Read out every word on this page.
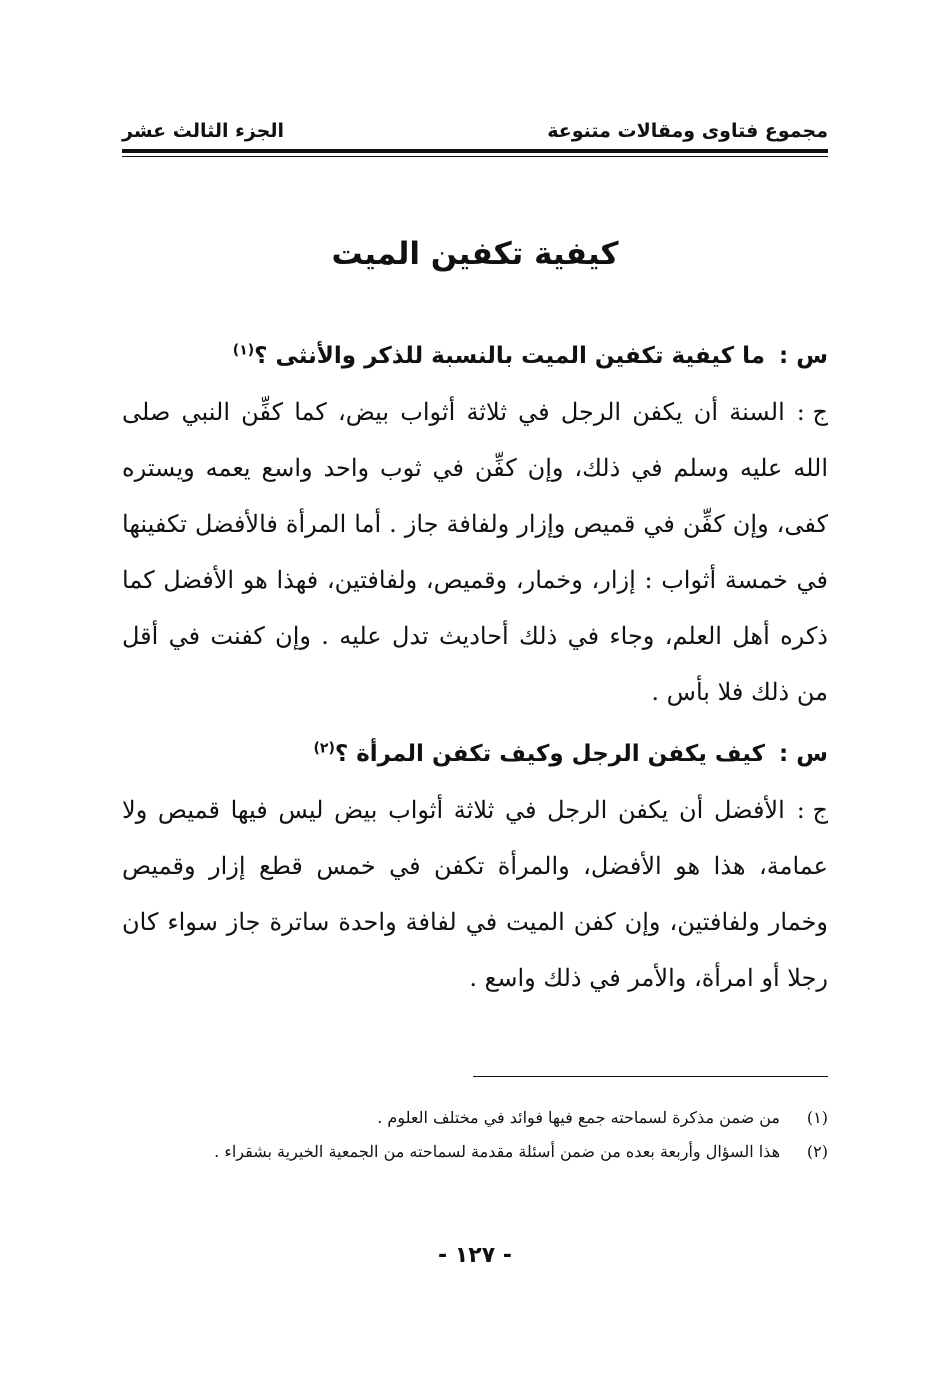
مجموع فتاوى ومقالات متنوعة
الجزء الثالث عشر
كيفية تكفين الميت

س :ما كيفية تكفين الميت بالنسبة للذكر والأنثى ؟$^{(١)}$

ج :السنة أن يكفن الرجل في ثلاثة أثواب بيض، كما كفِّن النبي صلى الله عليه وسلم في ذلك، وإن كفِّن في ثوب واحد واسع يعمه ويستره كفى، وإن كفِّن في قميص وإزار ولفافة جاز . أما المرأة فالأفضل تكفينها في خمسة أثواب : إزار، وخمار، وقميص، ولفافتين، فهذا هو الأفضل كما ذكره أهل العلم، وجاء في ذلك أحاديث تدل عليه . وإن كفنت في أقل من ذلك فلا بأس .

س :كيف يكفن الرجل وكيف تكفن المرأة ؟$^{(٢)}$

ج :الأفضل أن يكفن الرجل في ثلاثة أثواب بيض ليس فيها قميص ولا عمامة، هذا هو الأفضل، والمرأة تكفن في خمس قطع إزار وقميص وخمار ولفافتين، وإن كفن الميت في لفافة واحدة ساترة جاز سواء كان رجلا أو امرأة، والأمر في ذلك واسع .

(١)
من ضمن مذكرة لسماحته جمع فيها فوائد في مختلف العلوم .
(٢)
هذا السؤال وأربعة بعده من ضمن أسئلة مقدمة لسماحته من الجمعية الخيرية بشقراء .
- ١٢٧ -
